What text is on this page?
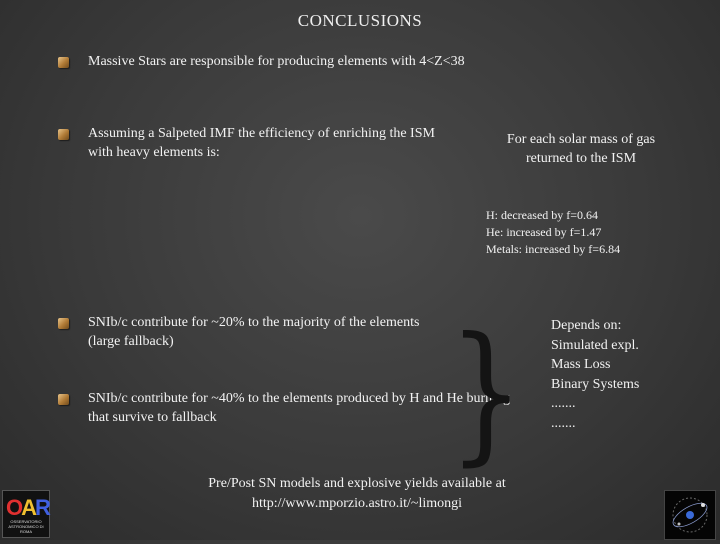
CONCLUSIONS
Massive Stars are responsible for producing elements with 4<Z<38
Assuming a Salpeted IMF the efficiency of enriching the ISM with heavy elements is:
For each solar mass of gas returned to the ISM
H: decreased by f=0.64
He: increased by f=1.47
Metals: increased by f=6.84
SNIb/c contribute for ~20% to the majority of the elements (large fallback)
SNIb/c contribute for ~40% to the elements produced by H and He burning that survive to fallback	} Depends on:
Simulated expl.
Mass Loss
Binary Systems
.......
.......
Pre/Post SN models and explosive yields available at
http://www.mporzio.astro.it/~limongi
OAR
OSSERVATORIO ASTRONOMICO DI ROMA
